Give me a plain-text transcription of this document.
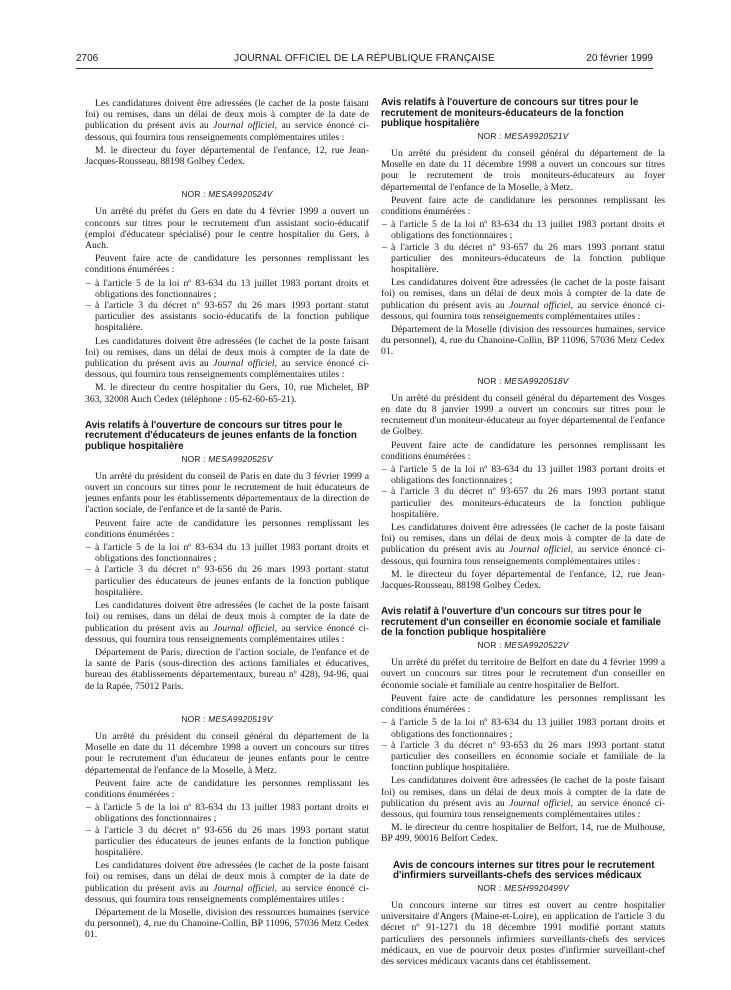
2706	JOURNAL OFFICIEL DE LA RÉPUBLIQUE FRANÇAISE	20 février 1999

Les candidatures doivent être adressées (le cachet de la poste faisant foi) ou remises, dans un délai de deux mois à compter de la date de publication du présent avis au Journal officiel, au service énoncé ci-dessous, qui fournira tous renseignements complémentaires utiles :

M. le directeur du foyer départemental de l'enfance, 12, rue Jean-Jacques-Rousseau, 88198 Golbey Cedex.

NOR : MESA9920524V

Un arrêté du préfet du Gers en date du 4 février 1999 a ouvert un concours sur titres pour le recrutement d'un assistant socio-éducatif (emploi d'éducateur spécialisé) pour le centre hospitalier du Gers, à Auch.

Peuvent faire acte de candidature les personnes remplissant les conditions énumérées :

– à l'article 5 de la loi nº 83-634 du 13 juillet 1983 portant droits et obligations des fonctionnaires ;
– à l'article 3 du décret nº 93-657 du 26 mars 1993 portant statut particulier des assistants socio-éducatifs de la fonction publique hospitalière.

Les candidatures doivent être adressées (le cachet de la poste faisant foi) ou remises, dans un délai de deux mois à compter de la date de publication du présent avis au Journal officiel, au service énoncé ci-dessous, qui fournira tous renseignements complémentaires utiles :

M. le directeur du centre hospitalier du Gers, 10, rue Michelet, BP 363, 32008 Auch Cedex (téléphone : 05-62-60-65-21).

Avis relatifs à l'ouverture de concours sur titres pour le recrutement d'éducateurs de jeunes enfants de la fonction publique hospitalière
NOR : MESA9920525V

Un arrêté du président du conseil de Paris en date du 3 février 1999 a ouvert un concours sur titres pour le recrutement de huit éducateurs de jeunes enfants pour les établissements départementaux de la direction de l'action sociale, de l'enfance et de la santé de Paris.

Peuvent faire acte de candidature les personnes remplissant les conditions énumérées :

– à l'article 5 de la loi nº 83-634 du 13 juillet 1983 portant droits et obligations des fonctionnaires ;
– à l'article 3 du décret nº 93-656 du 26 mars 1993 portant statut particulier des éducateurs de jeunes enfants de la fonction publique hospitalière.

Les candidatures doivent être adressées (le cachet de la poste faisant foi) ou remises, dans un délai de deux mois à compter de la date de publication du présent avis au Journal officiel, au service énoncé ci-dessous, qui fournira tous renseignements complémentaires utiles :

Département de Paris, direction de l'action sociale, de l'enfance et de la santé de Paris (sous-direction des actions familiales et éducatives, bureau des établissements départementaux, bureau nº 428), 94-96, quai de la Rapée, 75012 Paris.

NOR : MESA9920519V

Un arrêté du président du conseil général du département de la Moselle en date du 11 décembre 1998 a ouvert un concours sur titres pour le recrutement d'un éducateur de jeunes enfants pour le centre départemental de l'enfance de la Moselle, à Metz.

Peuvent faire acte de candidature les personnes remplissant les conditions énumérées :

– à l'article 5 de la loi nº 83-634 du 13 juillet 1983 portant droits et obligations des fonctionnaires ;
– à l'article 3 du décret nº 93-656 du 26 mars 1993 portant statut particulier des éducateurs de jeunes enfants de la fonction publique hospitalière.

Les candidatures doivent être adressées (le cachet de la poste faisant foi) ou remises, dans un délai de deux mois à compter de la date de publication du présent avis au Journal officiel, au service énoncé ci-dessous, qui fournira tous renseignements complémentaires utiles :

Département de la Moselle, division des ressources humaines (service du personnel), 4, rue du Chanoine-Collin, BP 11096, 57036 Metz Cedex 01.

Avis relatifs à l'ouverture de concours sur titres pour le recrutement de moniteurs-éducateurs de la fonction publique hospitalière
NOR : MESA9920521V

Un arrêté du président du conseil général du département de la Moselle en date du 11 décembre 1998 a ouvert un concours sur titres pour le recrutement de trois moniteurs-éducateurs au foyer départemental de l'enfance de la Moselle, à Metz.

Peuvent faire acte de candidature les personnes remplissant les conditions énumérées :

– à l'article 5 de la loi nº 83-634 du 13 juillet 1983 portant droits et obligations des fonctionnaires ;
– à l'article 3 du décret nº 93-657 du 26 mars 1993 portant statut particulier des moniteurs-éducateurs de la fonction publique hospitalière.

Les candidatures doivent être adressées (le cachet de la poste faisant foi) ou remises, dans un délai de deux mois à compter de la date de publication du présent avis au Journal officiel, au service énoncé ci-dessous, qui fournira tous renseignements complémentaires utiles :

Département de la Moselle (division des ressources humaines, service du personnel), 4, rue du Chanoine-Collin, BP 11096, 57036 Metz Cedex 01.

NOR : MESA9920518V

Un arrêté du président du conseil général du département des Vosges en date du 8 janvier 1999 a ouvert un concours sur titres pour le recrutement d'un moniteur-éducateur au foyer départemental de l'enfance de Golbey.

Peuvent faire acte de candidature les personnes remplissant les conditions énumérées :

– à l'article 5 de la loi nº 83-634 du 13 juillet 1983 portant droits et obligations des fonctionnaires ;
– à l'article 3 du décret nº 93-657 du 26 mars 1993 portant statut particulier des moniteurs-éducateurs de la fonction publique hospitalière.

Les candidatures doivent être adressées (le cachet de la poste faisant foi) ou remises, dans un délai de deux mois à compter de la date de publication du présent avis au Journal officiel, au service énoncé ci-dessous, qui fournira tous renseignements complémentaires utiles :

M. le directeur du foyer départemental de l'enfance, 12, rue Jean-Jacques-Rousseau, 88198 Golbey Cedex.

Avis relatif à l'ouverture d'un concours sur titres pour le recrutement d'un conseiller en économie sociale et familiale de la fonction publique hospitalière
NOR : MESA9920522V

Un arrêté du préfet du territoire de Belfort en date du 4 février 1999 a ouvert un concours sur titres pour le recrutement d'un conseiller en économie sociale et familiale au centre hospitalier de Belfort.

Peuvent faire acte de candidature les personnes remplissant les conditions énumérées :

– à l'article 5 de la loi nº 83-634 du 13 juillet 1983 portant droits et obligations des fonctionnaires ;
– à l'article 3 du décret nº 93-653 du 26 mars 1993 portant statut particulier des conseillers en économie sociale et familiale de la fonction publique hospitalière.

Les candidatures doivent être adressées (le cachet de la poste faisant foi) ou remises, dans un délai de deux mois à compter de la date de publication du présent avis au Journal officiel, au service énoncé ci-dessous, qui fournira tous renseignements complémentaires utiles :

M. le directeur du centre hospitalier de Belfort, 14, rue de Mulhouse, BP 499, 90016 Belfort Cedex.

Avis de concours internes sur titres pour le recrutement d'infirmiers surveillants-chefs des services médicaux
NOR : MESH9920499V

Un concours interne sur titres est ouvert au centre hospitalier universitaire d'Angers (Maine-et-Loire), en application de l'article 3 du décret nº 91-1271 du 18 décembre 1991 modifié portant statuts particuliers des personnels infirmiers surveillants-chefs des services médicaux, en vue de pourvoir deux postes d'infirmier surveillant-chef des services médicaux vacants dans cet établissement.
